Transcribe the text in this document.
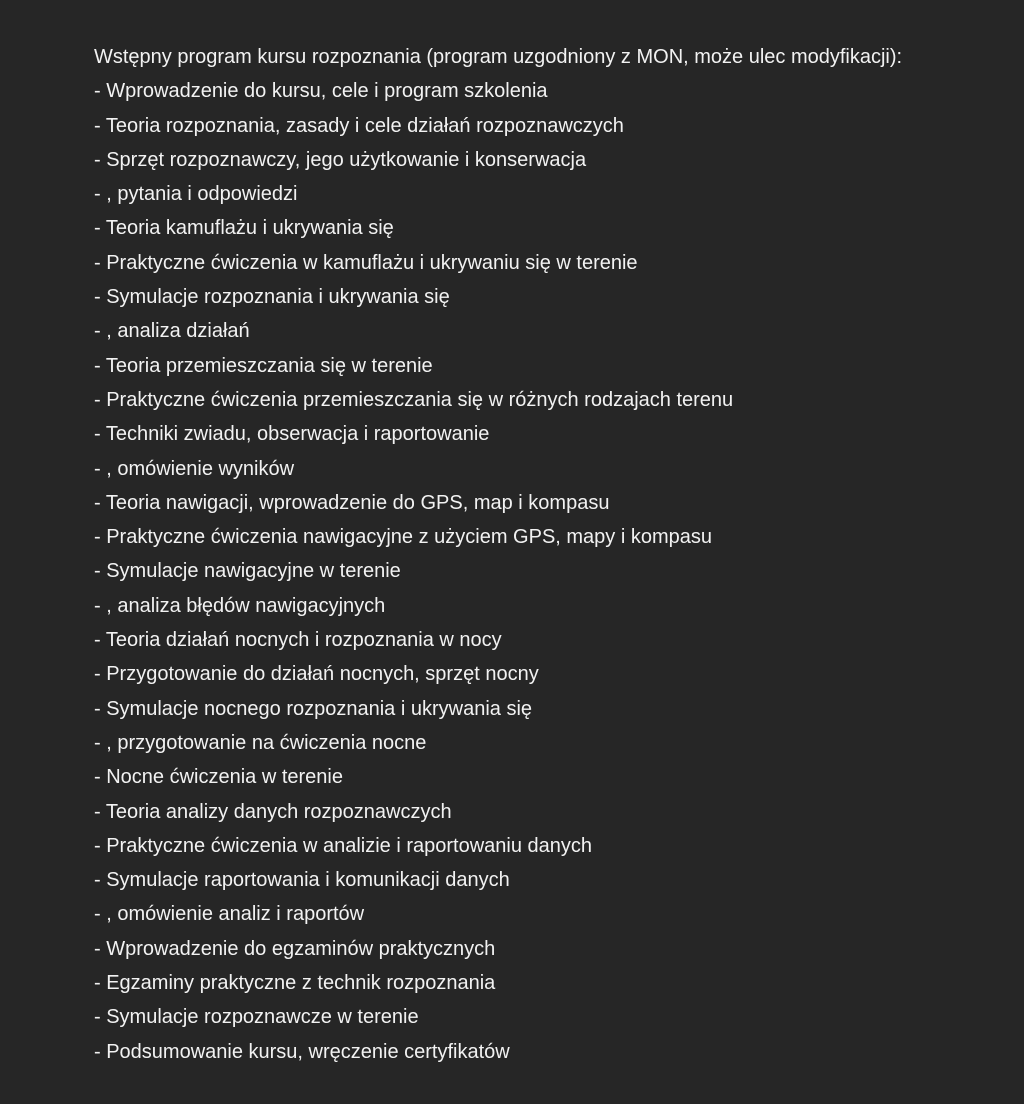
Wstępny program kursu rozpoznania (program uzgodniony z MON, może ulec modyfikacji):

- Wprowadzenie do kursu, cele i program szkolenia
- Teoria rozpoznania, zasady i cele działań rozpoznawczych
- Sprzęt rozpoznawczy, jego użytkowanie i konserwacja
- , pytania i odpowiedzi
- Teoria kamuflażu i ukrywania się
- Praktyczne ćwiczenia w kamuflażu i ukrywaniu się w terenie
- Symulacje rozpoznania i ukrywania się
- , analiza działań
- Teoria przemieszczania się w terenie
- Praktyczne ćwiczenia przemieszczania się w różnych rodzajach terenu
- Techniki zwiadu, obserwacja i raportowanie
- , omówienie wyników
- Teoria nawigacji, wprowadzenie do GPS, map i kompasu
- Praktyczne ćwiczenia nawigacyjne z użyciem GPS, mapy i kompasu
- Symulacje nawigacyjne w terenie
- , analiza błędów nawigacyjnych
- Teoria działań nocnych i rozpoznania w nocy
- Przygotowanie do działań nocnych, sprzęt nocny
- Symulacje nocnego rozpoznania i ukrywania się
- , przygotowanie na ćwiczenia nocne
- Nocne ćwiczenia w terenie
- Teoria analizy danych rozpoznawczych
- Praktyczne ćwiczenia w analizie i raportowaniu danych
- Symulacje raportowania i komunikacji danych
- , omówienie analiz i raportów
- Wprowadzenie do egzaminów praktycznych
- Egzaminy praktyczne z technik rozpoznania
- Symulacje rozpoznawcze w terenie
- Podsumowanie kursu, wręczenie certyfikatów
